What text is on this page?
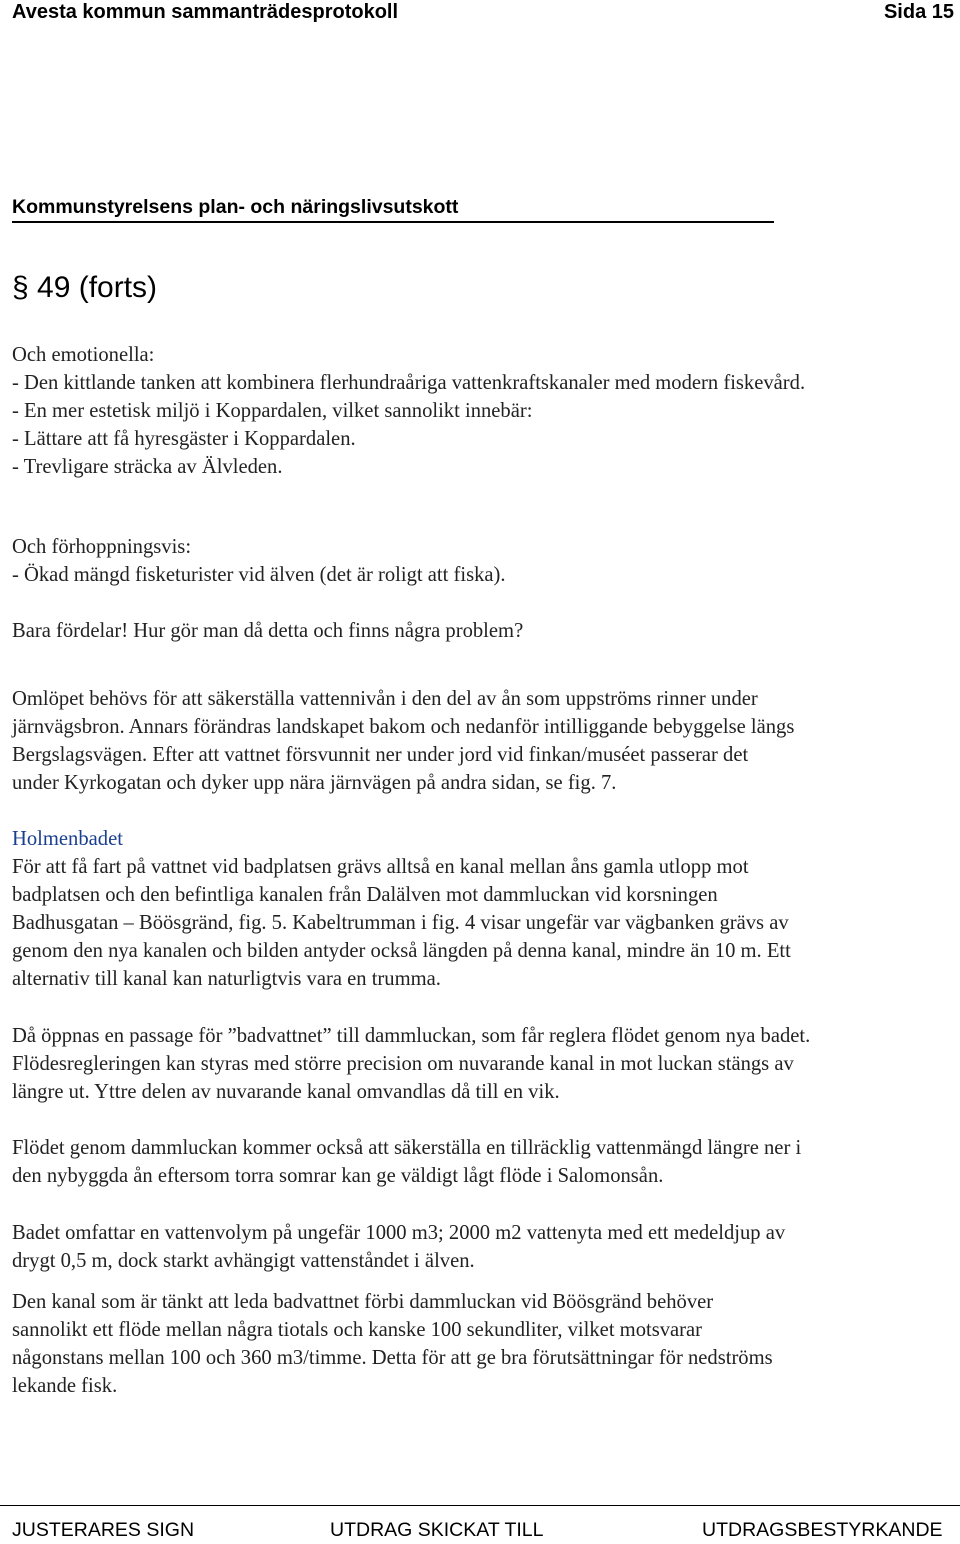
Avesta kommun sammanträdesprotokoll	Sida 15
Kommunstyrelsens plan- och näringslivsutskott
§ 49 (forts)
Och emotionella:
- Den kittlande tanken att kombinera flerhundraåriga vattenkraftskanaler med modern fiskevård.
- En mer estetisk miljö i Koppardalen, vilket sannolikt innebär:
- Lättare att få hyresgäster i Koppardalen.
- Trevligare sträcka av Älvleden.
Och förhoppningsvis:
- Ökad mängd fisketurister vid älven (det är roligt att fiska).
Bara fördelar! Hur gör man då detta och finns några problem?
Omlöpet behövs för att säkerställa vattennivån i den del av ån som uppströms rinner under
järnvägsbron. Annars förändras landskapet bakom och nedanför intilliggande bebyggelse längs
Bergslagsvägen. Efter att vattnet försvunnit ner under jord vid finkan/muséet passerar det
under Kyrkogatan och dyker upp nära järnvägen på andra sidan, se fig. 7.
Holmenbadet
För att få fart på vattnet vid badplatsen grävs alltså en kanal mellan åns gamla utlopp mot
badplatsen och den befintliga kanalen från Dalälven mot dammluckan vid korsningen
Badhusgatan – Böösgränd, fig. 5. Kabeltrumman i fig. 4 visar ungefär var vägbanken grävs av
genom den nya kanalen och bilden antyder också längden på denna kanal, mindre än 10 m. Ett
alternativ till kanal kan naturligtvis vara en trumma.
Då öppnas en passage för ”badvattnet” till dammluckan, som får reglera flödet genom nya badet.
Flödesregleringen kan styras med större precision om nuvarande kanal in mot luckan stängs av
längre ut. Yttre delen av nuvarande kanal omvandlas då till en vik.
Flödet genom dammluckan kommer också att säkerställa en tillräcklig vattenmängd längre ner i
den nybyggda ån eftersom torra somrar kan ge väldigt lågt flöde i Salomonsån.
Badet omfattar en vattenvolym på ungefär 1000 m3; 2000 m2 vattenyta med ett medeldjup av
drygt 0,5 m, dock starkt avhängigt vattenståndet i älven.
Den kanal som är tänkt att leda badvattnet förbi dammluckan vid Böösgränd behöver
sannolikt ett flöde mellan några tiotals och kanske 100 sekundliter, vilket motsvarar
någonstans mellan 100 och 360 m3/timme. Detta för att ge bra förutsättningar för nedströms
lekande fisk.
JUSTERARES SIGN	UTDRAG SKICKAT TILL	UTDRAGSBESTYRKANDE
